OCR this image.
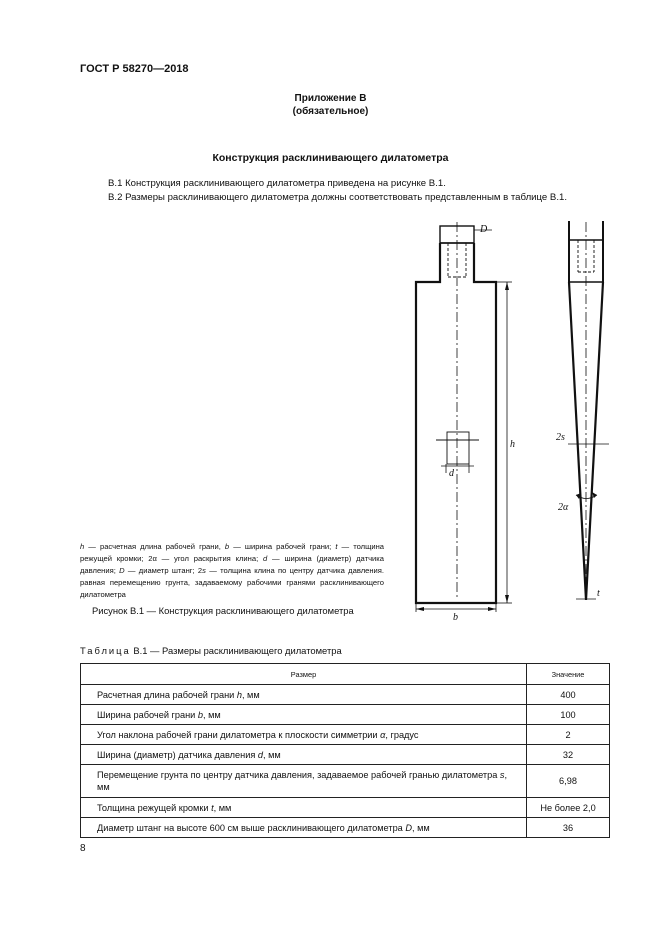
ГОСТ Р 58270—2018
Приложение В
(обязательное)
Конструкция расклинивающего дилатометра
В.1 Конструкция расклинивающего дилатометра приведена на рисунке В.1.
В.2 Размеры расклинивающего дилатометра должны соответствовать представленным в таблице В.1.
D
d
h
b
2s
2α
t
h — расчетная длина рабочей грани, b — ширина рабочей грани; t — толщина режущей кромки; 2α — угол раскрытия клина; d — ширина (диаметр) датчика давления; D — диаметр штанг; 2s — толщина клина по центру датчика давления. равная перемещению грунта, задаваемому рабочими гранями расклинивающего дилатометра
Рисунок В.1 — Конструкция расклинивающего дилатометра
Таблица В.1 — Размеры расклинивающего дилатометра
Размер	Значение
Расчетная длина рабочей грани h, мм	400
Ширина рабочей грани b, мм	100
Угол наклона рабочей грани дилатометра к плоскости симметрии α, градус	2
Ширина (диаметр) датчика давления d, мм	32
Перемещение грунта по центру датчика давления, задаваемое рабочей гранью дилатометра s, мм	6,98
Толщина режущей кромки t, мм	Не более 2,0
Диаметр штанг на высоте 600 см выше расклинивающего дилатометра D, мм	36
8
